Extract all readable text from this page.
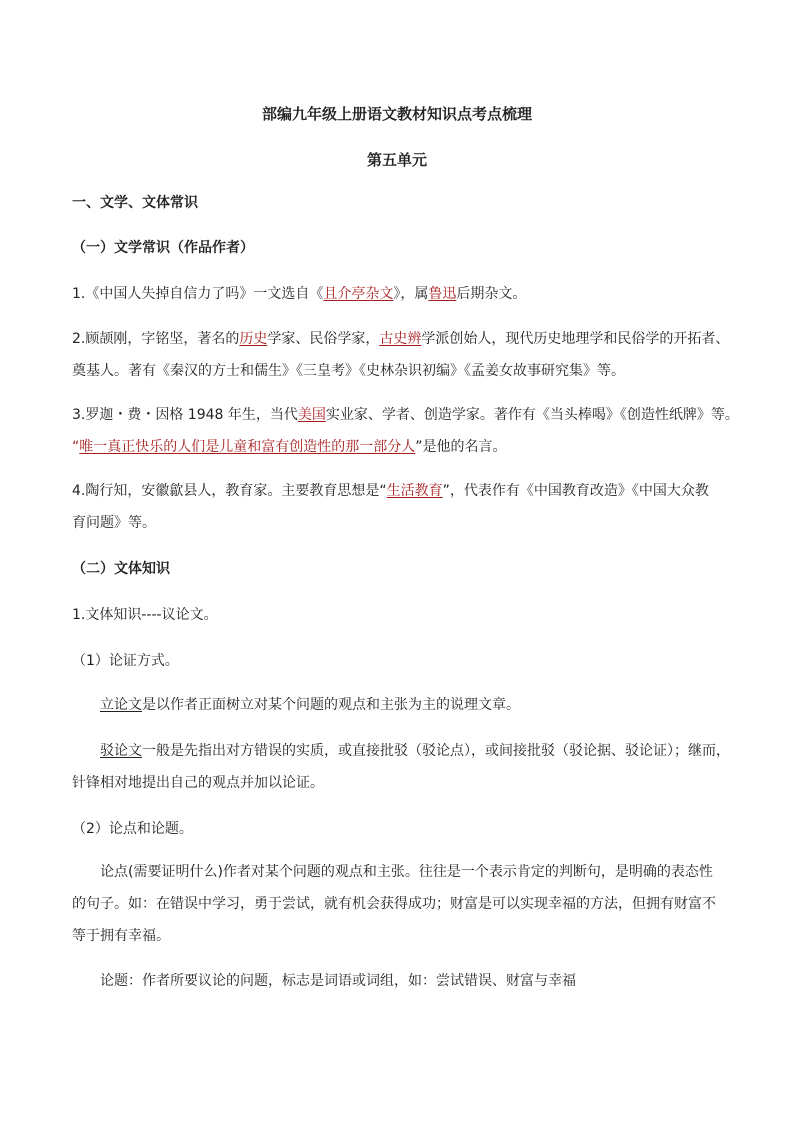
部编九年级上册语文教材知识点考点梳理
第五单元
一、文学、文体常识
（一）文学常识（作品作者）
1.《中国人失掉自信力了吗》一文选自《且介亭杂文》，属鲁迅后期杂文。
2.顾颉刚，字铭坚，著名的历史学家、民俗学家，古史辨学派创始人，现代历史地理学和民俗学的开拓者、
奠基人。著有《秦汉的方士和儒生》《三皇考》《史林杂识初编》《孟姜女故事研究集》等。
3.罗迦・费・因格 1948 年生，当代美国实业家、学者、创造学家。著作有《当头棒喝》《创造性纸牌》等。
“唯一真正快乐的人们是儿童和富有创造性的那一部分人”是他的名言。
4.陶行知，安徽歙县人，教育家。主要教育思想是“生活教育”，代表作有《中国教育改造》《中国大众教
育问题》等。
（二）文体知识
1.文体知识----议论文。
（1）论证方式。
立论文是以作者正面树立对某个问题的观点和主张为主的说理文章。
驳论文一般是先指出对方错误的实质，或直接批驳（驳论点），或间接批驳（驳论据、驳论证）；继而，
针锋相对地提出自己的观点并加以论证。
（2）论点和论题。
论点(需要证明什么)作者对某个问题的观点和主张。往往是一个表示肯定的判断句，是明确的表态性
的句子。如：在错误中学习，勇于尝试，就有机会获得成功；财富是可以实现幸福的方法，但拥有财富不
等于拥有幸福。
论题：作者所要议论的问题，标志是词语或词组，如：尝试错误、财富与幸福
